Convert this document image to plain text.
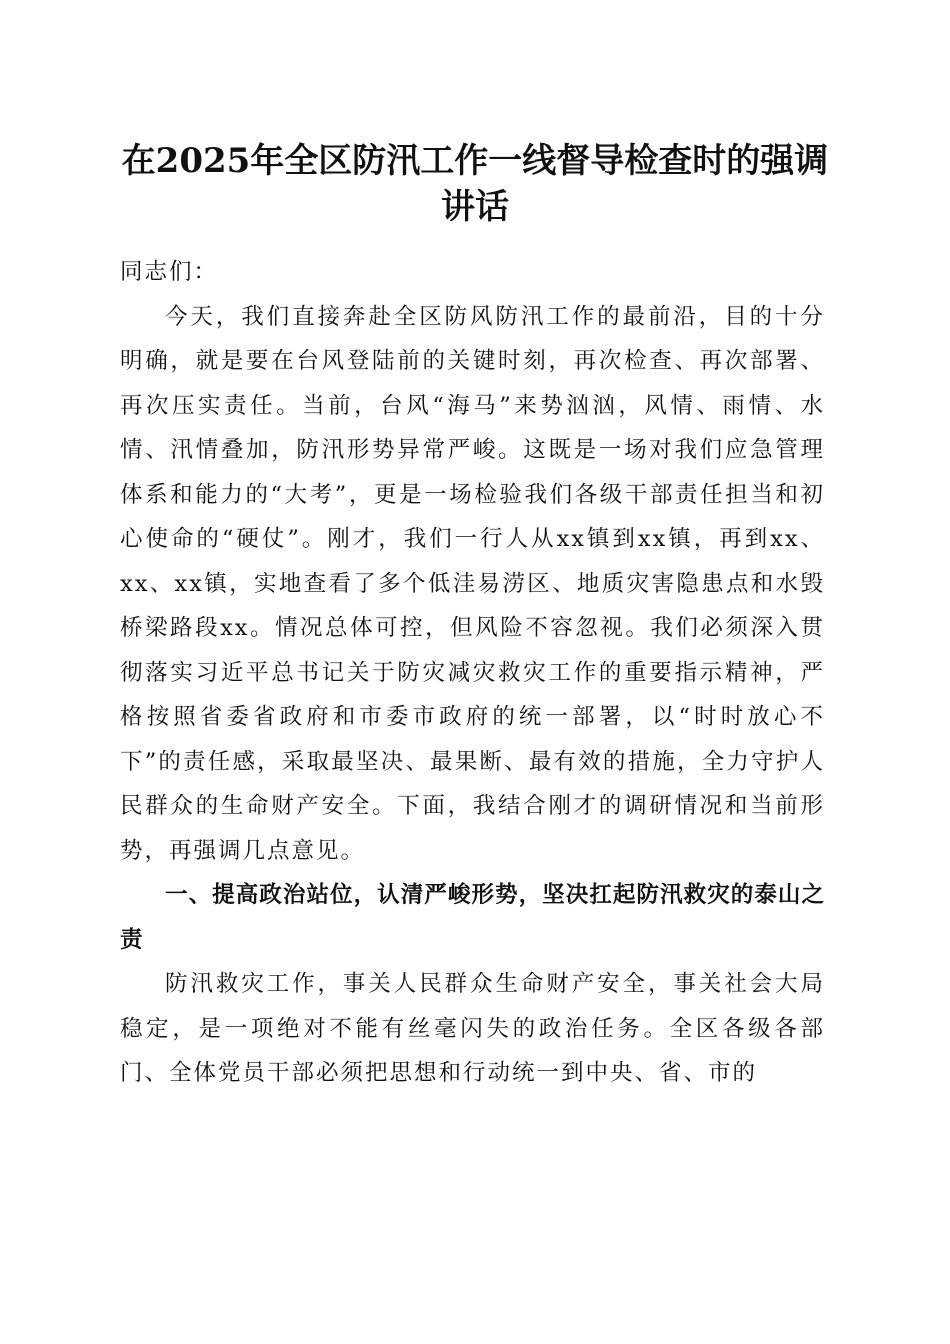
在2025年全区防汛工作一线督导检查时的强调讲话

同志们：

今天，我们直接奔赴全区防风防汛工作的最前沿，目的十分明确，就是要在台风登陆前的关键时刻，再次检查、再次部署、再次压实责任。当前，台风“海马”来势汹汹，风情、雨情、水情、汛情叠加，防汛形势异常严峻。这既是一场对我们应急管理体系和能力的“大考”，更是一场检验我们各级干部责任担当和初心使命的“硬仗”。刚才，我们一行人从xx镇到xx镇，再到xx、xx、xx镇，实地查看了多个低洼易涝区、地质灾害隐患点和水毁桥梁路段xx。情况总体可控，但风险不容忽视。我们必须深入贯彻落实习近平总书记关于防灾减灾救灾工作的重要指示精神，严格按照省委省政府和市委市政府的统一部署，以“时时放心不下”的责任感，采取最坚决、最果断、最有效的措施，全力守护人民群众的生命财产安全。下面，我结合刚才的调研情况和当前形势，再强调几点意见。

一、提高政治站位，认清严峻形势，坚决扛起防汛救灾的泰山之责

防汛救灾工作，事关人民群众生命财产安全，事关社会大局稳定，是一项绝对不能有丝毫闪失的政治任务。全区各级各部门、全体党员干部必须把思想和行动统一到中央、省、市的
